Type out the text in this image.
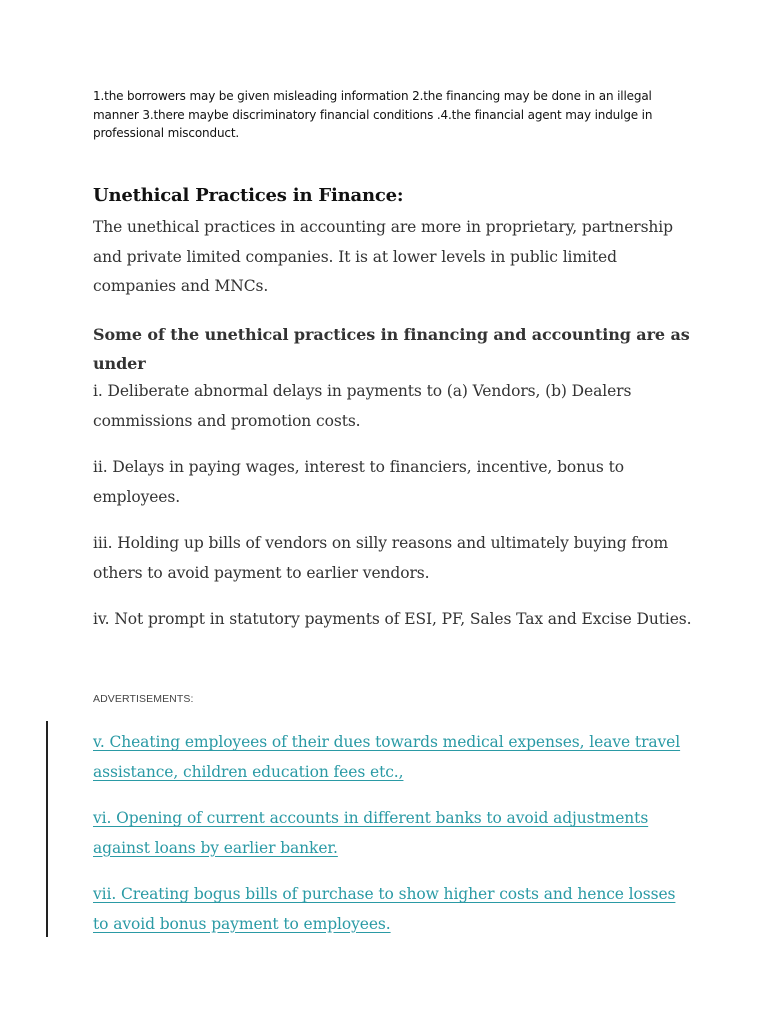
1.the borrowers may be given misleading information 2.the financing may be done in an illegal manner 3.there maybe discriminatory financial conditions .4.the financial agent may indulge in professional misconduct.
Unethical Practices in Finance:

The unethical practices in accounting are more in proprietary, partnership and private limited companies. It is at lower levels in public limited companies and MNCs.

Some of the unethical practices in financing and accounting are as under

i. Deliberate abnormal delays in payments to (a) Vendors, (b) Dealers commissions and promotion costs.

ii. Delays in paying wages, interest to financiers, incentive, bonus to employees.

iii. Holding up bills of vendors on silly reasons and ultimately buying from others to avoid payment to earlier vendors.

iv. Not prompt in statutory payments of ESI, PF, Sales Tax and Excise Duties.

ADVERTISEMENTS:

v. Cheating employees of their dues towards medical expenses, leave travel assistance, children education fees etc.,

vi. Opening of current accounts in different banks to avoid adjustments against loans by earlier banker.

vii. Creating bogus bills of purchase to show higher costs and hence losses to avoid bonus payment to employees.
